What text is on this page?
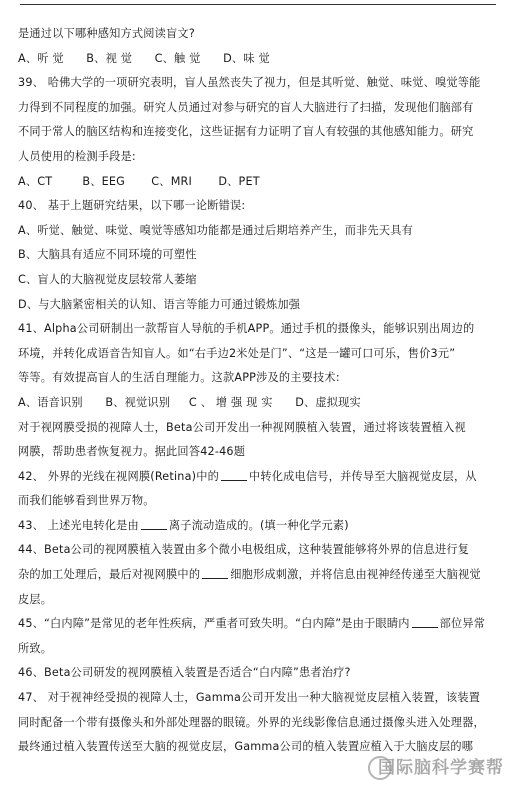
是通过以下哪种感知方式阅读盲文?
A、听 觉      B、视 觉      C、触 觉      D、味 觉
39、 哈佛大学的一项研究表明，盲人虽然丧失了视力，但是其听觉、触觉、味觉、嗅觉等能
力得到不同程度的加强。研究人员通过对参与研究的盲人大脑进行了扫描，发现他们脑部有
不同于常人的脑区结构和连接变化，这些证据有力证明了盲人有较强的其他感知能力。研究
人员使用的检测手段是:
A、CT        B、EEG       C、MRI       D、PET
40、 基于上题研究结果，以下哪一论断错误:
A、听觉、触觉、味觉、嗅觉等感知功能都是通过后期培养产生，而非先天具有
B、大脑具有适应不同环境的可塑性
C、盲人的大脑视觉皮层较常人萎缩
D、与大脑紧密相关的认知、语言等能力可通过锻炼加强
41、Alpha公司研制出一款帮盲人导航的手机APP。通过手机的摄像头，能够识别出周边的
环境，并转化成语音告知盲人。如“右手边2米处是门”、“这是一罐可口可乐，售价3元”
等等。有效提高盲人的生活自理能力。这款APP涉及的主要技术:
A、语音识别      B、视觉识别     C 、 增 强 现 实      D、虚拟现实
对于视网膜受损的视障人士，Beta公司开发出一种视网膜植入装置，通过将该装置植入视
网膜，帮助患者恢复视力。据此回答42-46题
42、 外界的光线在视网膜(Retina)中的	中转化成电信号，并传导至大脑视觉皮层，从
而我们能够看到世界万物。
43、 上述光电转化是由	离子流动造成的。(填一种化学元素)
44、Beta公司的视网膜植入装置由多个微小电极组成，这种装置能够将外界的信息进行复
杂的加工处理后，最后对视网膜中的	细胞形成刺激，并将信息由视神经传递至大脑视觉
皮层。
45、“白内障”是常见的老年性疾病，严重者可致失明。“白内障”是由于眼睛内	部位异常
所致。
46、Beta公司研发的视网膜植入装置是否适合“白内障”患者治疗?
47、 对于视神经受损的视障人士，Gamma公司开发出一种大脑视觉皮层植入装置，该装置
同时配备一个带有摄像头和外部处理器的眼镜。外界的光线影像信息通过摄像头进入处理器，
最终通过植入装置传送至大脑的视觉皮层，Gamma公司的植入装置应植入于大脑皮层的哪
国际脑科学赛帮
